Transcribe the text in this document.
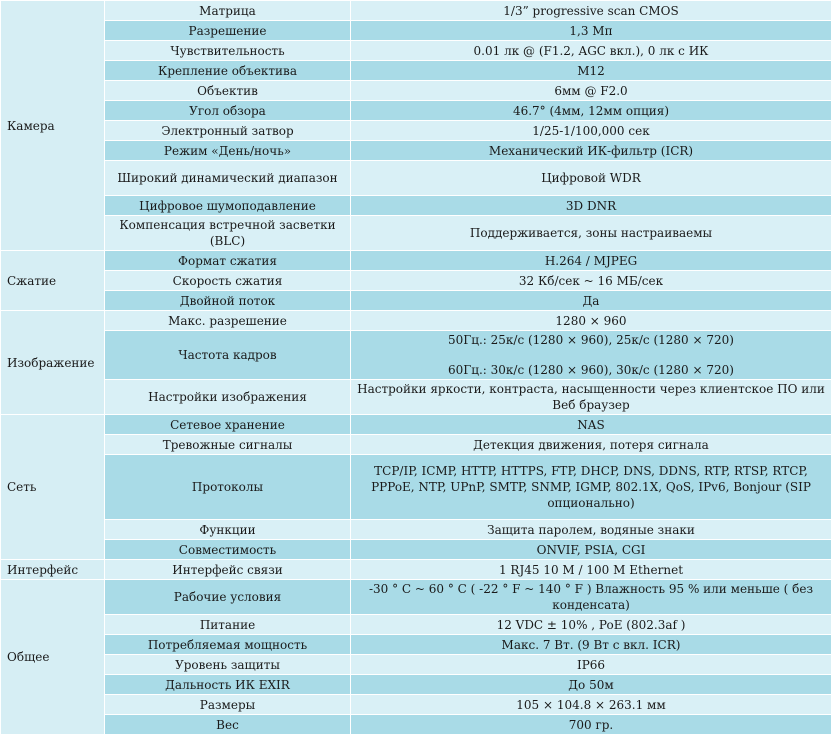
Камера	Матрица	1/3” progressive scan CMOS
	Разрешение	1,3 Мп
	Чувствительность	0.01 лк @ (F1.2, AGC вкл.), 0 лк с ИК
	Крепление объектива	M12
	Объектив	6мм @ F2.0
	Угол обзора	46.7° (4мм, 12мм опция)
	Электронный затвор	1/25-1/100,000 сек
	Режим «День/ночь»	Механический ИК-фильтр (ICR)
	Широкий динамический диапазон	Цифровой WDR
	Цифровое шумоподавление	3D DNR
	Компенсация встречной засветки (BLC)	Поддерживается, зоны настраиваемы
Сжатие	Формат сжатия	H.264 / MJPEG
	Скорость сжатия	32 Кб/сек ~ 16 МБ/сек
	Двойной поток	Да
Изображение	Макс. разрешение	1280 × 960
	Частота кадров	50Гц.: 25к/с (1280 × 960), 25к/с (1280 × 720)
60Гц.: 30к/с (1280 × 960), 30к/с (1280 × 720)

	Настройки изображения	Настройки яркости, контраста, насыщенности через клиентское ПО или Веб браузер
Сеть	Сетевое хранение	NAS
	Тревожные сигналы	Детекция движения, потеря сигнала
	Протоколы	TCP/IP, ICMP, HTTP, HTTPS, FTP, DHCP, DNS, DDNS, RTP, RTSP, RTCP, PPPoE, NTP, UPnP, SMTP, SNMP, IGMP, 802.1X, QoS, IPv6, Bonjour (SIP опционально)
	Функции	Защита паролем, водяные знаки
	Совместимость	ONVIF, PSIA, CGI
Интерфейс	Интерфейс связи	1 RJ45 10 M / 100 M Ethernet
Общее	Рабочие условия	-30 ° C ~ 60 ° C ( -22 ° F ~ 140 ° F ) Влажность 95 % или меньше ( без конденсата)
	Питание	12 VDC ± 10% , PoE (802.3af )
	Потребляемая мощность	Макс. 7 Вт. (9 Вт с вкл. ICR)
	Уровень защиты	IP66
	Дальность ИК EXIR	До 50м
	Размеры	105 × 104.8 × 263.1 мм
	Вес	700 гр.
